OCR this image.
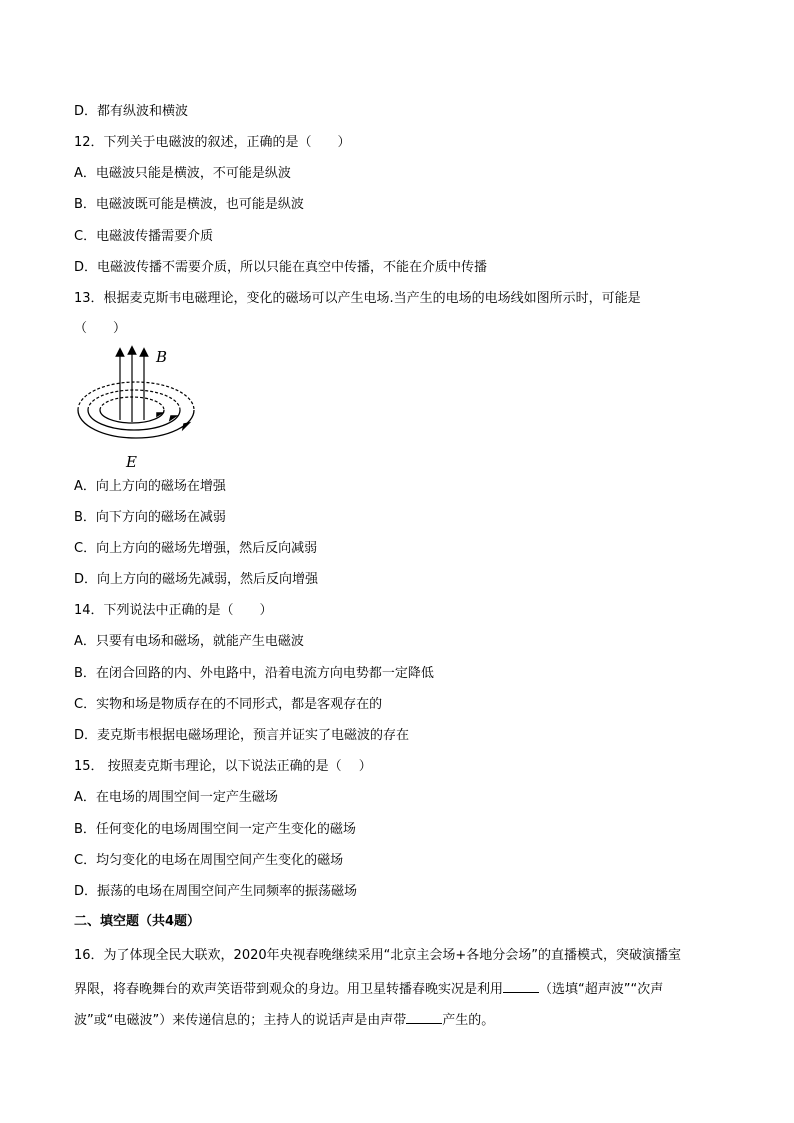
D．都有纵波和横波
12．下列关于电磁波的叙述，正确的是（　　）
A．电磁波只能是横波，不可能是纵波
B．电磁波既可能是横波，也可能是纵波
C．电磁波传播需要介质
D．电磁波传播不需要介质，所以只能在真空中传播，不能在介质中传播
13．根据麦克斯韦电磁理论，变化的磁场可以产生电场.当产生的电场的电场线如图所示时，可能是
（　　）
B
E
A．向上方向的磁场在增强
B．向下方向的磁场在减弱
C．向上方向的磁场先增强，然后反向减弱
D．向上方向的磁场先减弱，然后反向增强
14．下列说法中正确的是（　　）
A．只要有电场和磁场，就能产生电磁波
B．在闭合回路的内、外电路中，沿着电流方向电势都一定降低
C．实物和场是物质存在的不同形式，都是客观存在的
D．麦克斯韦根据电磁场理论，预言并证实了电磁波的存在
15． 按照麦克斯韦理论，以下说法正确的是（　 ）
A．在电场的周围空间一定产生磁场
B．任何变化的电场周围空间一定产生变化的磁场
C．均匀变化的电场在周围空间产生变化的磁场
D．振荡的电场在周围空间产生同频率的振荡磁场
二、填空题（共4题）
16．为了体现全民大联欢，2020年央视春晚继续采用“北京主会场+各地分会场”的直播模式，突破演播室
界限，将春晚舞台的欢声笑语带到观众的身边。用卫星转播春晚实况是利用	（选填“超声波”“次声
波”或“电磁波”）来传递信息的；主持人的说话声是由声带	产生的。
